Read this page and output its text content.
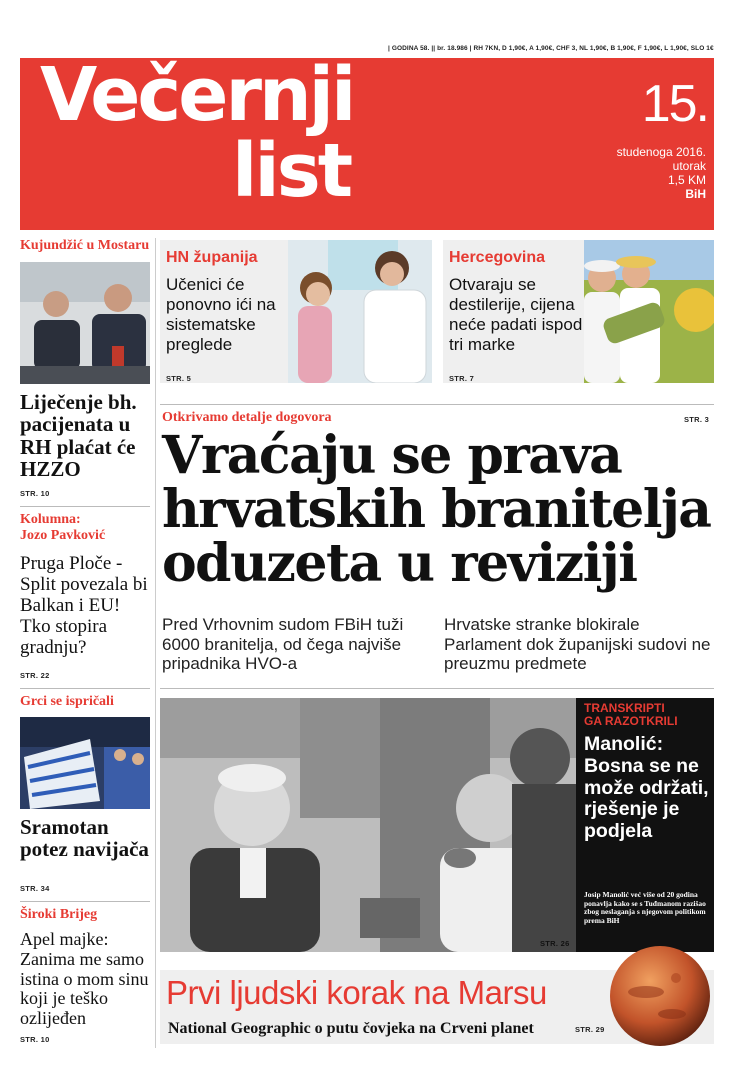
| GODINA 58. || br. 18.986 | RH 7KN, D 1,90€, A 1,90€, CHF 3, NL 1,90€, B 1,90€, F 1,90€, L 1,90€, SLO 1€
Večernji
list
15.
studenoga 2016.
utorak
1,5 KM
BiH
Kujundžić u Mostaru
Liječenje bh. pacijenata u RH plaćat će HZZO
STR. 10
Kolumna:
Jozo Pavković
Pruga Ploče - Split povezala bi Balkan i EU! Tko stopira gradnju?
STR. 22
Grci se ispričali
Sramotan potez navijača
STR. 34
Široki Brijeg
Apel majke: Zanima me samo istina o mom sinu koji je teško ozlijeđen
STR. 10
HN županija
Učenici će ponovno ići na sistematske preglede
STR. 5
Hercegovina
Otvaraju se destilerije, cijena neće padati ispod tri marke
STR. 7
Otkrivamo detalje dogovora	STR. 3
Vraćaju se prava
hrvatskih branitelja
oduzeta u reviziji
Pred Vrhovnim sudom FBiH tuži 6000 branitelja, od čega najviše pripadnika HVO-a
Hrvatske stranke blokirale Parlament dok županijski sudovi ne preuzmu predmete
STR. 26
TRANSKRIPTI
GA RAZOTKRILI
Manolić: Bosna se ne može održati, rješenje je podjela
Josip Manolić već više od 20 godina ponavlja kako se s Tuđmanom razišao zbog neslaganja s njegovom politikom prema BiH
Prvi ljudski korak na Marsu
National Geographic o putu čovjeka na Crveni planet	STR. 29
